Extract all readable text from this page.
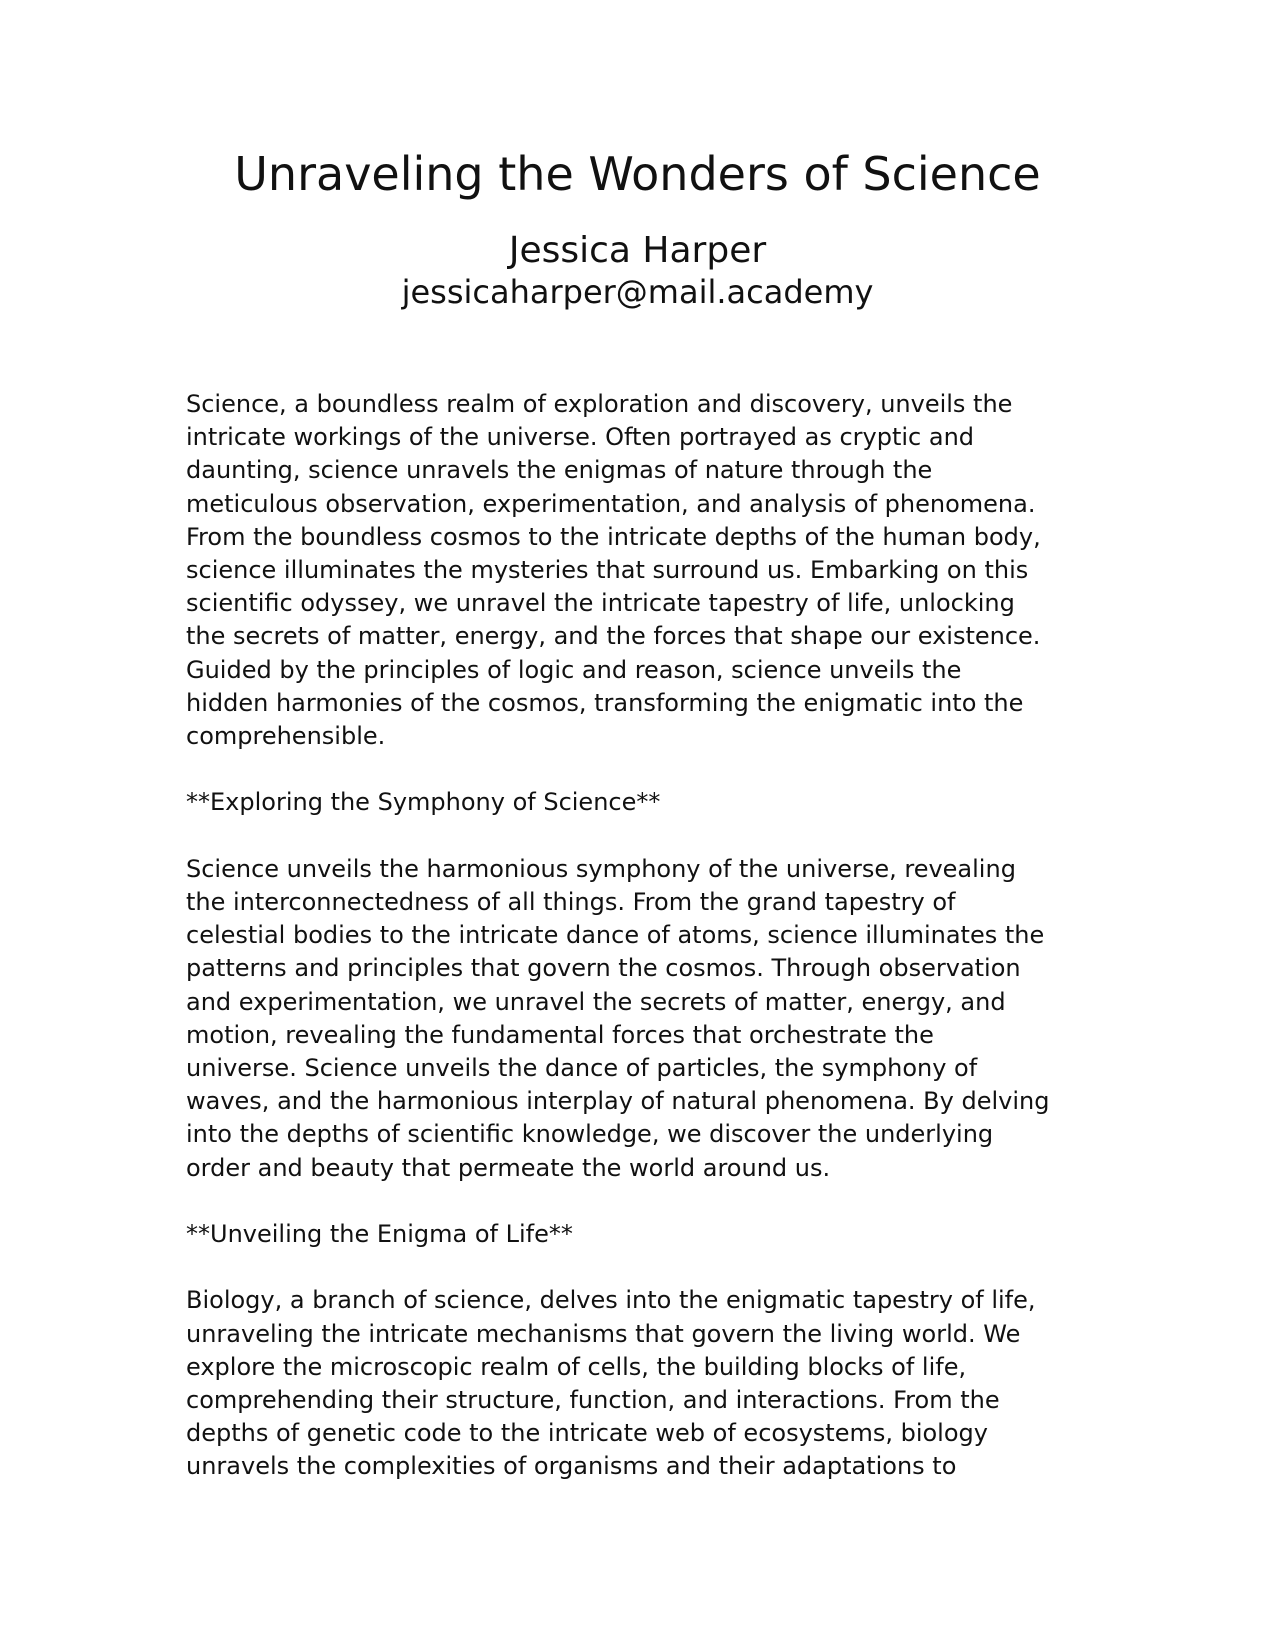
Unraveling the Wonders of Science
Jessica Harper
jessicaharper@mail.academy

Science, a boundless realm of exploration and discovery, unveils the
intricate workings of the universe. Often portrayed as cryptic and
daunting, science unravels the enigmas of nature through the
meticulous observation, experimentation, and analysis of phenomena.
From the boundless cosmos to the intricate depths of the human body,
science illuminates the mysteries that surround us. Embarking on this
scientific odyssey, we unravel the intricate tapestry of life, unlocking
the secrets of matter, energy, and the forces that shape our existence.
Guided by the principles of logic and reason, science unveils the
hidden harmonies of the cosmos, transforming the enigmatic into the
comprehensible.

**Exploring the Symphony of Science**

Science unveils the harmonious symphony of the universe, revealing
the interconnectedness of all things. From the grand tapestry of
celestial bodies to the intricate dance of atoms, science illuminates the
patterns and principles that govern the cosmos. Through observation
and experimentation, we unravel the secrets of matter, energy, and
motion, revealing the fundamental forces that orchestrate the
universe. Science unveils the dance of particles, the symphony of
waves, and the harmonious interplay of natural phenomena. By delving
into the depths of scientific knowledge, we discover the underlying
order and beauty that permeate the world around us.

**Unveiling the Enigma of Life**

Biology, a branch of science, delves into the enigmatic tapestry of life,
unraveling the intricate mechanisms that govern the living world. We
explore the microscopic realm of cells, the building blocks of life,
comprehending their structure, function, and interactions. From the
depths of genetic code to the intricate web of ecosystems, biology
unravels the complexities of organisms and their adaptations to
